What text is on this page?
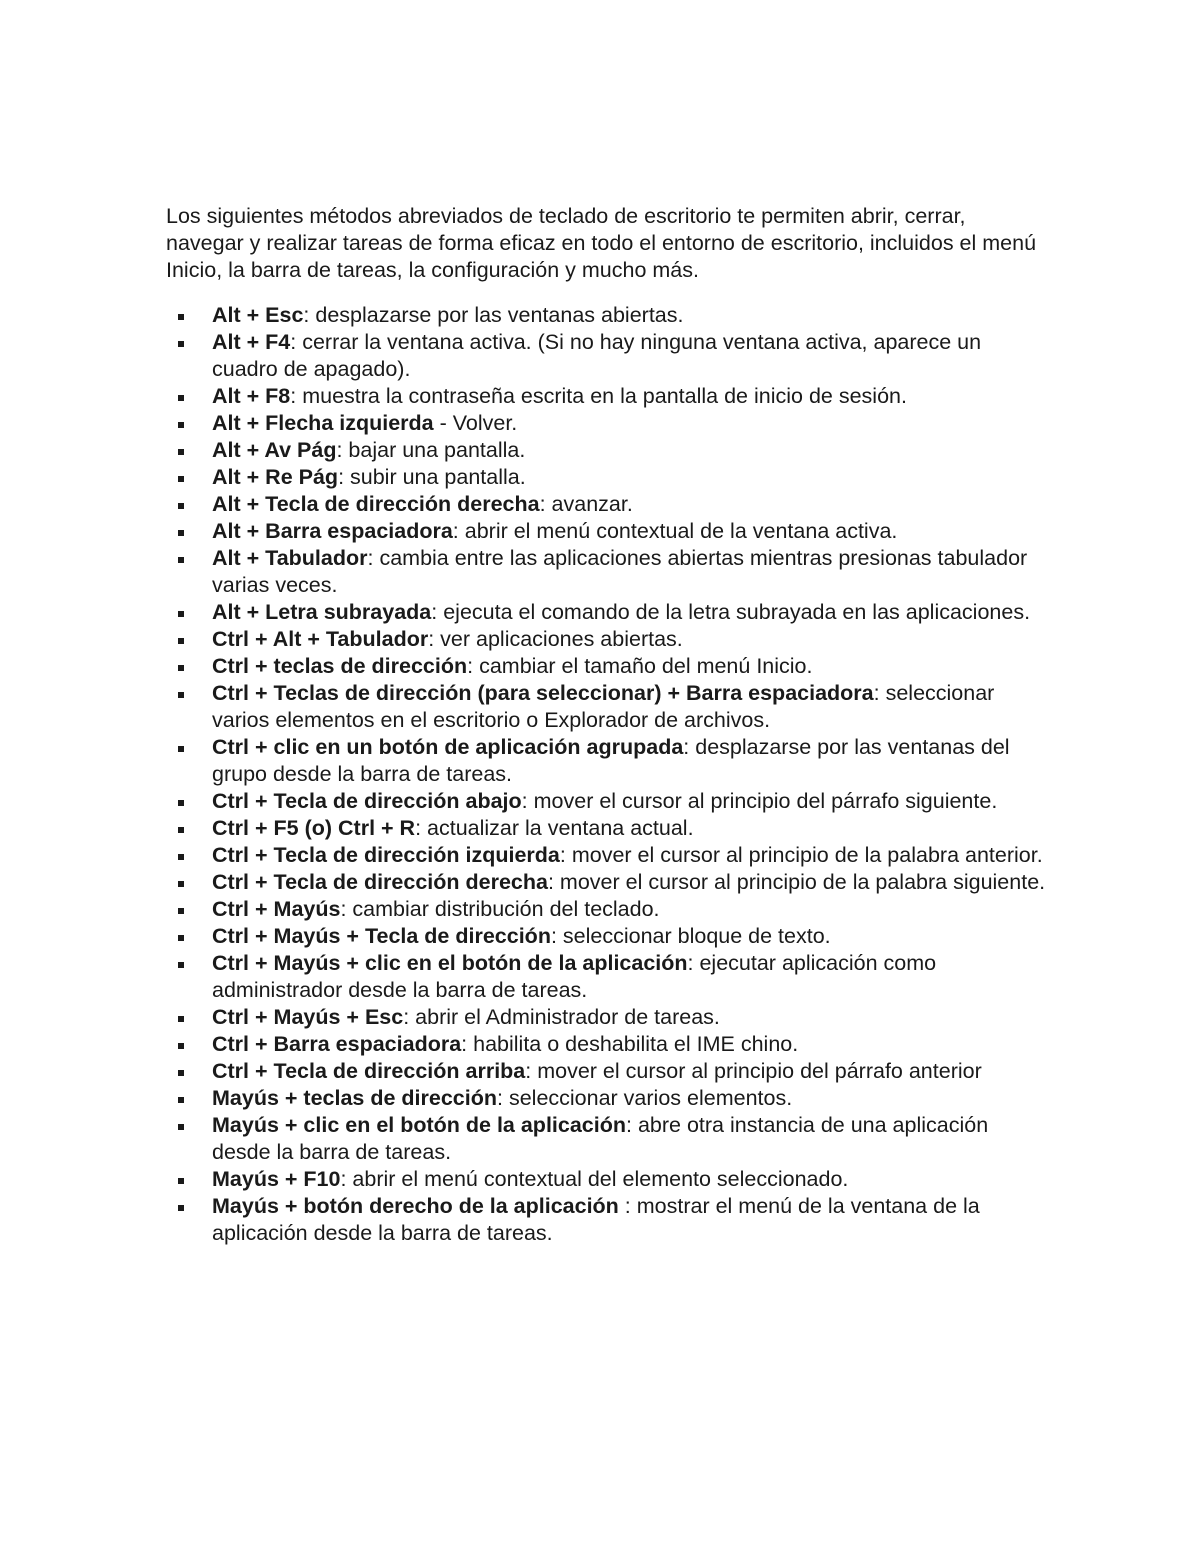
Los siguientes métodos abreviados de teclado de escritorio te permiten abrir, cerrar, navegar y realizar tareas de forma eficaz en todo el entorno de escritorio, incluidos el menú Inicio, la barra de tareas, la configuración y mucho más.

Alt + Esc: desplazarse por las ventanas abiertas.
Alt + F4: cerrar la ventana activa. (Si no hay ninguna ventana activa, aparece un cuadro de apagado).
Alt + F8: muestra la contraseña escrita en la pantalla de inicio de sesión.
Alt + Flecha izquierda - Volver.
Alt + Av Pág: bajar una pantalla.
Alt + Re Pág: subir una pantalla.
Alt + Tecla de dirección derecha: avanzar.
Alt + Barra espaciadora: abrir el menú contextual de la ventana activa.
Alt + Tabulador: cambia entre las aplicaciones abiertas mientras presionas tabulador varias veces.
Alt + Letra subrayada: ejecuta el comando de la letra subrayada en las aplicaciones.
Ctrl + Alt + Tabulador: ver aplicaciones abiertas.
Ctrl + teclas de dirección: cambiar el tamaño del menú Inicio.
Ctrl + Teclas de dirección (para seleccionar) + Barra espaciadora: seleccionar varios elementos en el escritorio o Explorador de archivos.
Ctrl + clic en un botón de aplicación agrupada: desplazarse por las ventanas del grupo desde la barra de tareas.
Ctrl + Tecla de dirección abajo: mover el cursor al principio del párrafo siguiente.
Ctrl + F5 (o) Ctrl + R: actualizar la ventana actual.
Ctrl + Tecla de dirección izquierda: mover el cursor al principio de la palabra anterior.
Ctrl + Tecla de dirección derecha: mover el cursor al principio de la palabra siguiente.
Ctrl + Mayús: cambiar distribución del teclado.
Ctrl + Mayús + Tecla de dirección: seleccionar bloque de texto.
Ctrl + Mayús + clic en el botón de la aplicación: ejecutar aplicación como administrador desde la barra de tareas.
Ctrl + Mayús + Esc: abrir el Administrador de tareas.
Ctrl + Barra espaciadora: habilita o deshabilita el IME chino.
Ctrl + Tecla de dirección arriba: mover el cursor al principio del párrafo anterior
Mayús + teclas de dirección: seleccionar varios elementos.
Mayús + clic en el botón de la aplicación: abre otra instancia de una aplicación desde la barra de tareas.
Mayús + F10: abrir el menú contextual del elemento seleccionado.
Mayús + botón derecho de la aplicación : mostrar el menú de la ventana de la aplicación desde la barra de tareas.
